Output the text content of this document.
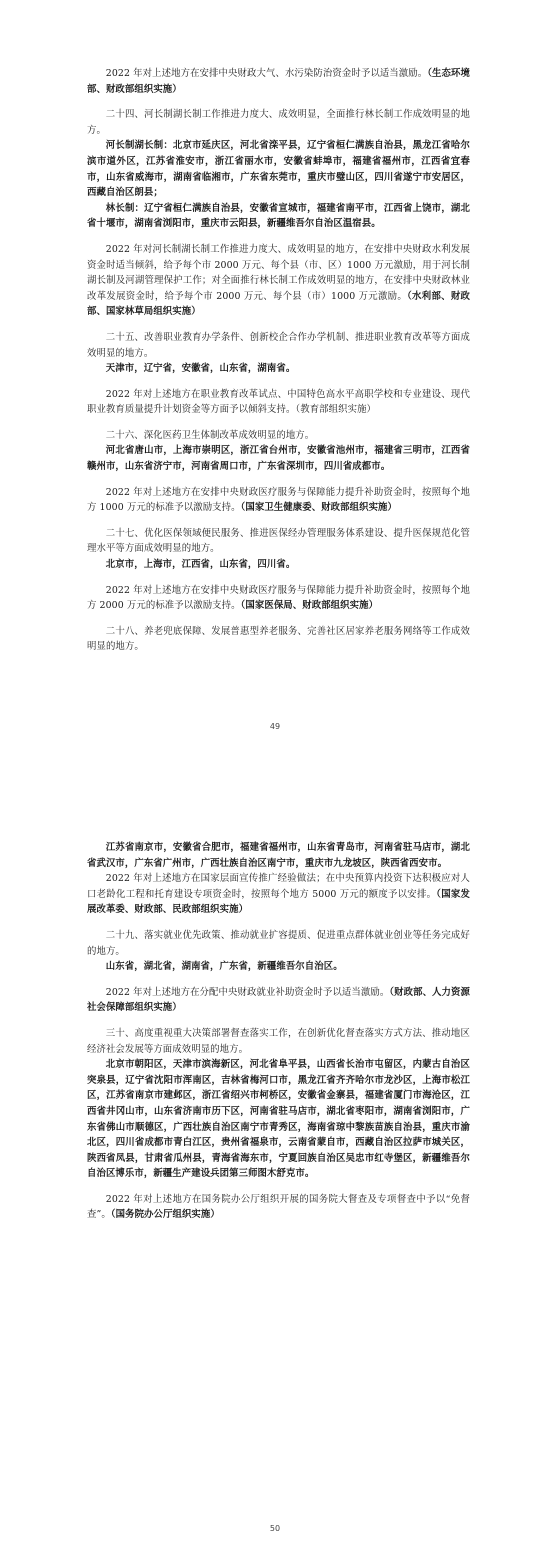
2022 年对上述地方在安排中央财政大气、水污染防治资金时予以适当激励。（生态环境部、财政部组织实施）

二十四、河长制湖长制工作推进力度大、成效明显，全面推行林长制工作成效明显的地方。

河长制湖长制：北京市延庆区，河北省滦平县，辽宁省桓仁满族自治县，黑龙江省哈尔滨市道外区，江苏省淮安市，浙江省丽水市，安徽省蚌埠市，福建省福州市，江西省宜春市，山东省威海市，湖南省临湘市，广东省东莞市，重庆市璧山区，四川省遂宁市安居区，西藏自治区朗县；

林长制：辽宁省桓仁满族自治县，安徽省宣城市，福建省南平市，江西省上饶市，湖北省十堰市，湖南省浏阳市，重庆市云阳县，新疆维吾尔自治区温宿县。

2022 年对河长制湖长制工作推进力度大、成效明显的地方，在安排中央财政水利发展资金时适当倾斜，给予每个市 2000 万元、每个县（市、区）1000 万元激励，用于河长制湖长制及河湖管理保护工作；对全面推行林长制工作成效明显的地方，在安排中央财政林业改革发展资金时，给予每个市 2000 万元、每个县（市）1000 万元激励。（水利部、财政部、国家林草局组织实施）

二十五、改善职业教育办学条件、创新校企合作办学机制、推进职业教育改革等方面成效明显的地方。

天津市，辽宁省，安徽省，山东省，湖南省。

2022 年对上述地方在职业教育改革试点、中国特色高水平高职学校和专业建设、现代职业教育质量提升计划资金等方面予以倾斜支持。（教育部组织实施）

二十六、深化医药卫生体制改革成效明显的地方。

河北省唐山市，上海市崇明区，浙江省台州市，安徽省池州市，福建省三明市，江西省赣州市，山东省济宁市，河南省周口市，广东省深圳市，四川省成都市。

2022 年对上述地方在安排中央财政医疗服务与保障能力提升补助资金时，按照每个地方 1000 万元的标准予以激励支持。（国家卫生健康委、财政部组织实施）

二十七、优化医保领域便民服务、推进医保经办管理服务体系建设、提升医保规范化管理水平等方面成效明显的地方。

北京市，上海市，江西省，山东省，四川省。

2022 年对上述地方在安排中央财政医疗服务与保障能力提升补助资金时，按照每个地方 2000 万元的标准予以激励支持。（国家医保局、财政部组织实施）

二十八、养老兜底保障、发展普惠型养老服务、完善社区居家养老服务网络等工作成效明显的地方。

49

江苏省南京市，安徽省合肥市，福建省福州市，山东省青岛市，河南省驻马店市，湖北省武汉市，广东省广州市，广西壮族自治区南宁市，重庆市九龙坡区，陕西省西安市。

2022 年对上述地方在国家层面宣传推广经验做法；在中央预算内投资下达积极应对人口老龄化工程和托育建设专项资金时，按照每个地方 5000 万元的额度予以安排。（国家发展改革委、财政部、民政部组织实施）

二十九、落实就业优先政策、推动就业扩容提质、促进重点群体就业创业等任务完成好的地方。

山东省，湖北省，湖南省，广东省，新疆维吾尔自治区。

2022 年对上述地方在分配中央财政就业补助资金时予以适当激励。（财政部、人力资源社会保障部组织实施）

三十、高度重视重大决策部署督查落实工作，在创新优化督查落实方式方法、推动地区经济社会发展等方面成效明显的地方。

北京市朝阳区，天津市滨海新区，河北省阜平县，山西省长治市屯留区，内蒙古自治区突泉县，辽宁省沈阳市浑南区，吉林省梅河口市，黑龙江省齐齐哈尔市龙沙区，上海市松江区，江苏省南京市建邺区，浙江省绍兴市柯桥区，安徽省金寨县，福建省厦门市海沧区，江西省井冈山市，山东省济南市历下区，河南省驻马店市，湖北省枣阳市，湖南省浏阳市，广东省佛山市顺德区，广西壮族自治区南宁市青秀区，海南省琼中黎族苗族自治县，重庆市渝北区，四川省成都市青白江区，贵州省福泉市，云南省蒙自市，西藏自治区拉萨市城关区，陕西省凤县，甘肃省瓜州县，青海省海东市，宁夏回族自治区吴忠市红寺堡区，新疆维吾尔自治区博乐市，新疆生产建设兵团第三师图木舒克市。

2022 年对上述地方在国务院办公厅组织开展的国务院大督查及专项督查中予以“免督查”。（国务院办公厅组织实施）

50
